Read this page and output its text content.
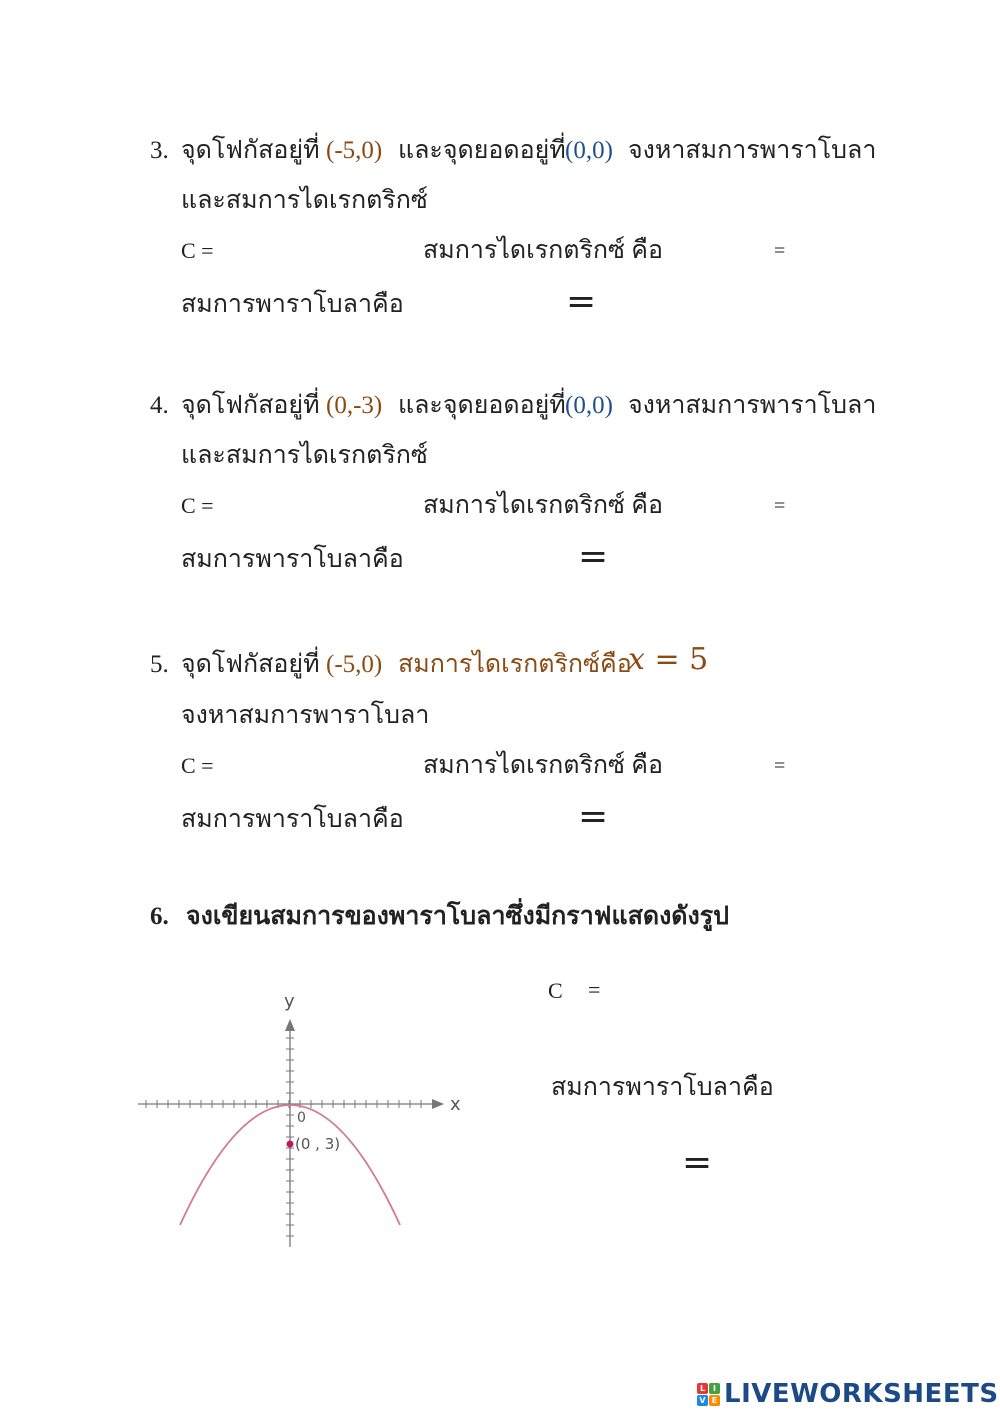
3. จุดโฟกัสอยู่ที่ (-5,0) และจุดยอดอยู่ที่ (0,0) จงหาสมการพาราโบลา
และสมการไดเรกตริกซ์
C =	สมการไดเรกตริกซ์ คือ	=
สมการพาราโบลาคือ	=
4. จุดโฟกัสอยู่ที่ (0,-3) และจุดยอดอยู่ที่ (0,0) จงหาสมการพาราโบลา
และสมการไดเรกตริกซ์
C =	สมการไดเรกตริกซ์ คือ	=
สมการพาราโบลาคือ	=
5. จุดโฟกัสอยู่ที่ (-5,0) สมการไดเรกตริกซ์คือ
x = 5
จงหาสมการพาราโบลา
C =	สมการไดเรกตริกซ์ คือ	=
สมการพาราโบลาคือ	=
6. จงเขียนสมการของพาราโบลาซึ่งมีกราฟแสดงดังรูป
C =
สมการพาราโบลาคือ
=
y
x
0
(0 , 3)
L I
V E LIVEWORKSHEETS
